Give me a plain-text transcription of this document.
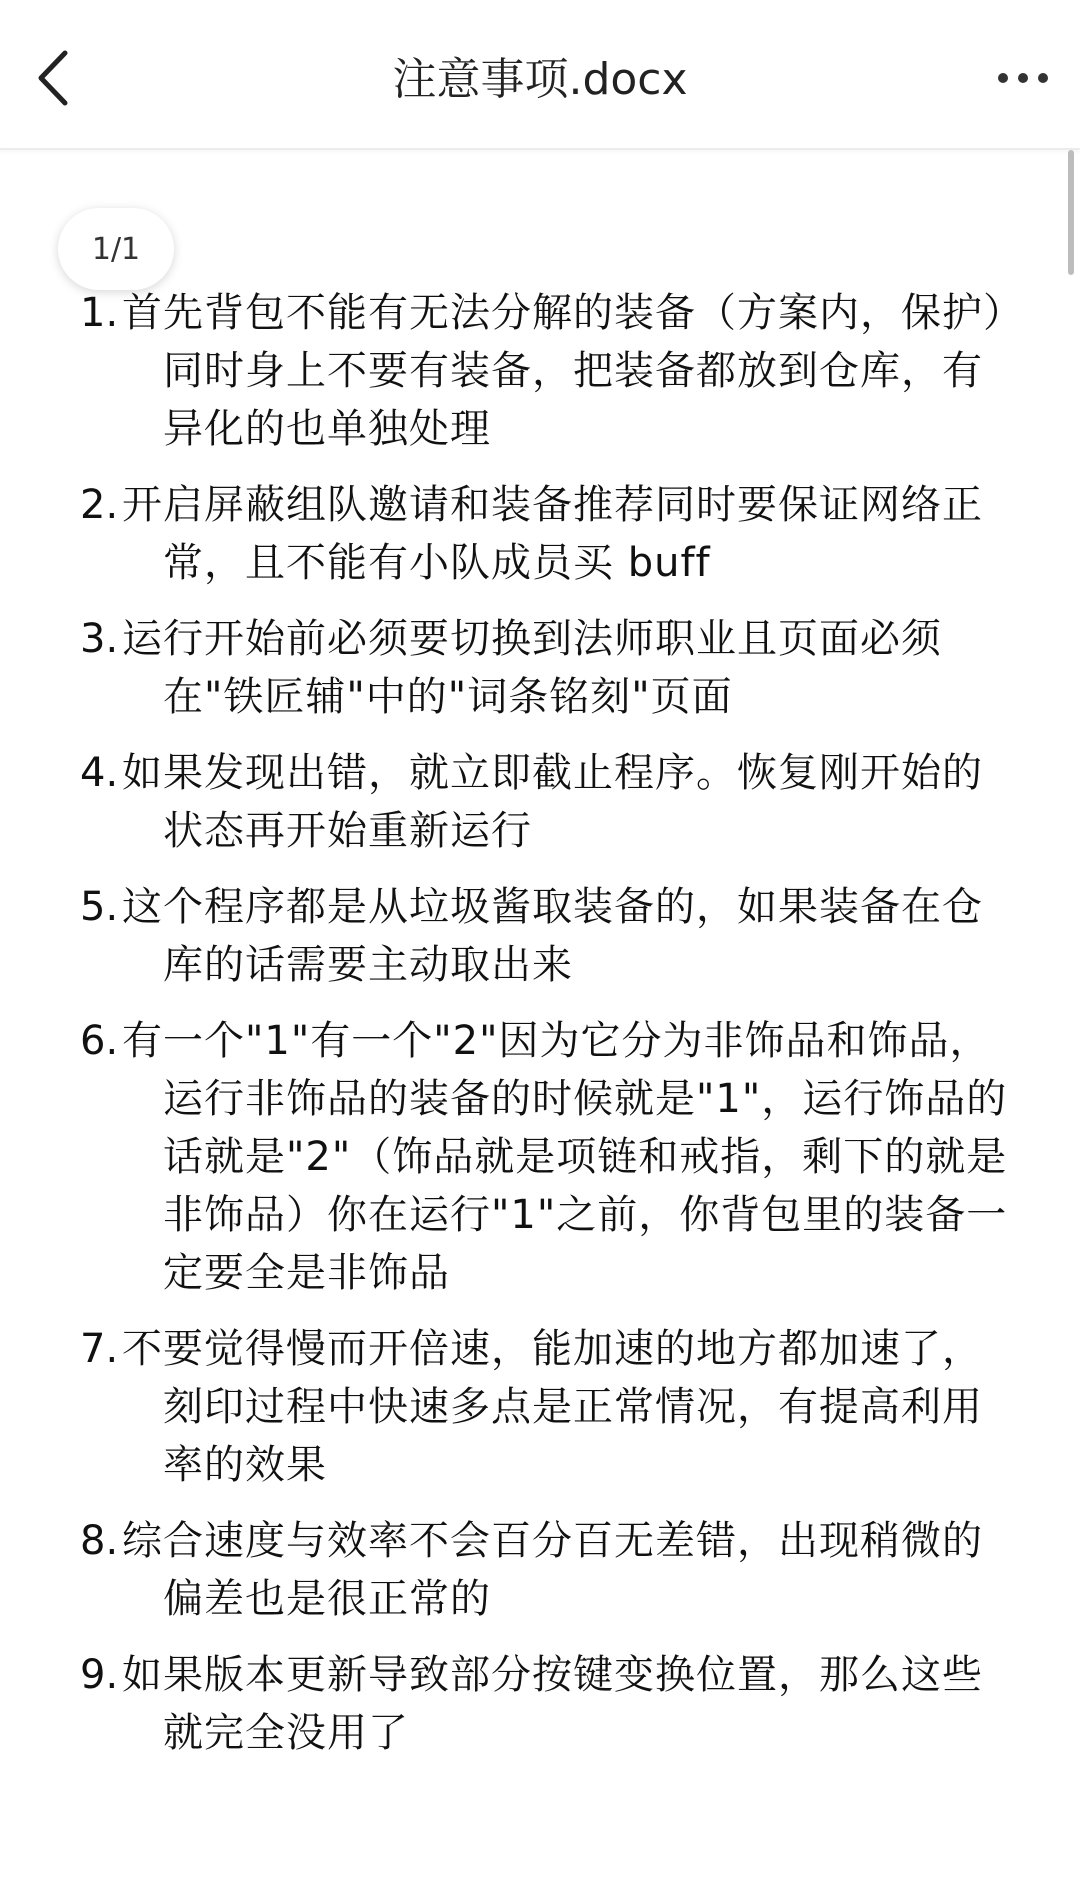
注意事项.docx
1/1
1. 首先背包不能有无法分解的装备（方案内，保护）同时身上不要有装备，把装备都放到仓库，有异化的也单独处理
2. 开启屏蔽组队邀请和装备推荐同时要保证网络正常，且不能有小队成员买 buff
3. 运行开始前必须要切换到法师职业且页面必须在"铁匠辅"中的"词条铭刻"页面
4. 如果发现出错，就立即截止程序。恢复刚开始的状态再开始重新运行
5. 这个程序都是从垃圾酱取装备的，如果装备在仓库的话需要主动取出来
6. 有一个"1"有一个"2"因为它分为非饰品和饰品，运行非饰品的装备的时候就是"1"，运行饰品的话就是"2"（饰品就是项链和戒指，剩下的就是非饰品）你在运行"1"之前，你背包里的装备一定要全是非饰品
7. 不要觉得慢而开倍速，能加速的地方都加速了，刻印过程中快速多点是正常情况，有提高利用率的效果
8. 综合速度与效率不会百分百无差错，出现稍微的偏差也是很正常的
9. 如果版本更新导致部分按键变换位置，那么这些就完全没用了
